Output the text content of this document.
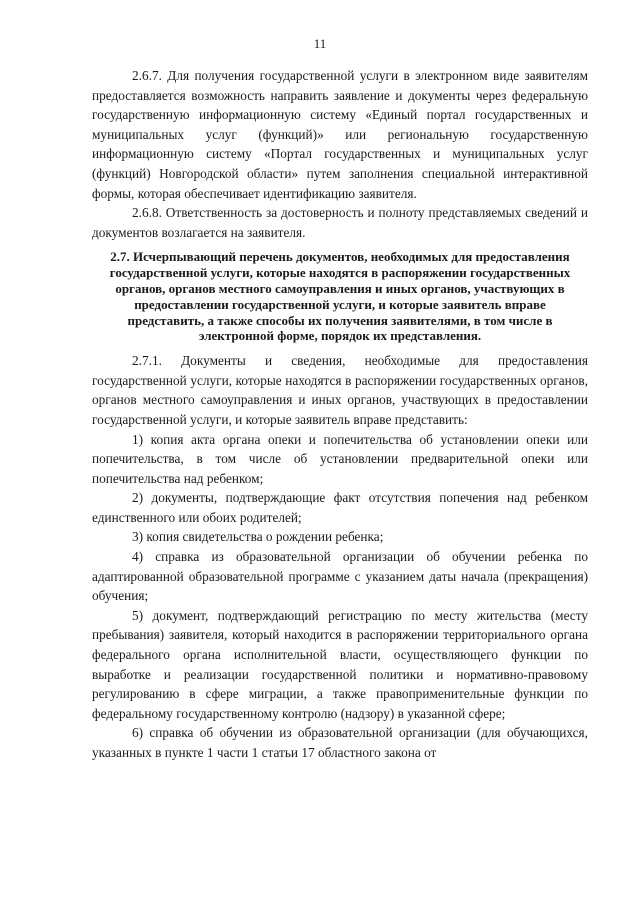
11

2.6.7. Для получения государственной услуги в электронном виде заявителям предоставляется возможность направить заявление и документы через федеральную государственную информационную систему «Единый портал государственных и муниципальных услуг (функций)» или региональную государственную информационную систему «Портал государственных и муниципальных услуг (функций) Новгородской области» путем заполнения специальной интерактивной формы, которая обеспечивает идентификацию заявителя.

2.6.8. Ответственность за достоверность и полноту представляемых сведений и документов возлагается на заявителя.

2.7. Исчерпывающий перечень документов, необходимых для предоставления государственной услуги, которые находятся в распоряжении государственных органов, органов местного самоуправления и иных органов, участвующих в предоставлении государственной услуги, и которые заявитель вправе представить, а также способы их получения заявителями, в том числе в электронной форме, порядок их представления.

2.7.1. Документы и сведения, необходимые для предоставления государственной услуги, которые находятся в распоряжении государственных органов, органов местного самоуправления и иных органов, участвующих в предоставлении государственной услуги, и которые заявитель вправе представить:

1) копия акта органа опеки и попечительства об установлении опеки или попечительства, в том числе об установлении предварительной опеки или попечительства над ребенком;

2) документы, подтверждающие факт отсутствия попечения над ребенком единственного или обоих родителей;

3) копия свидетельства о рождении ребенка;

4) справка из образовательной организации об обучении ребенка по адаптированной образовательной программе с указанием даты начала (прекращения) обучения;

5) документ, подтверждающий регистрацию по месту жительства (месту пребывания) заявителя, который находится в распоряжении территориального органа федерального органа исполнительной власти, осуществляющего функции по выработке и реализации государственной политики и нормативно-правовому регулированию в сфере миграции, а также правоприменительные функции по федеральному государственному контролю (надзору) в указанной сфере;

6) справка об обучении из образовательной организации (для обучающихся, указанных в пункте 1 части 1 статьи 17 областного закона от
